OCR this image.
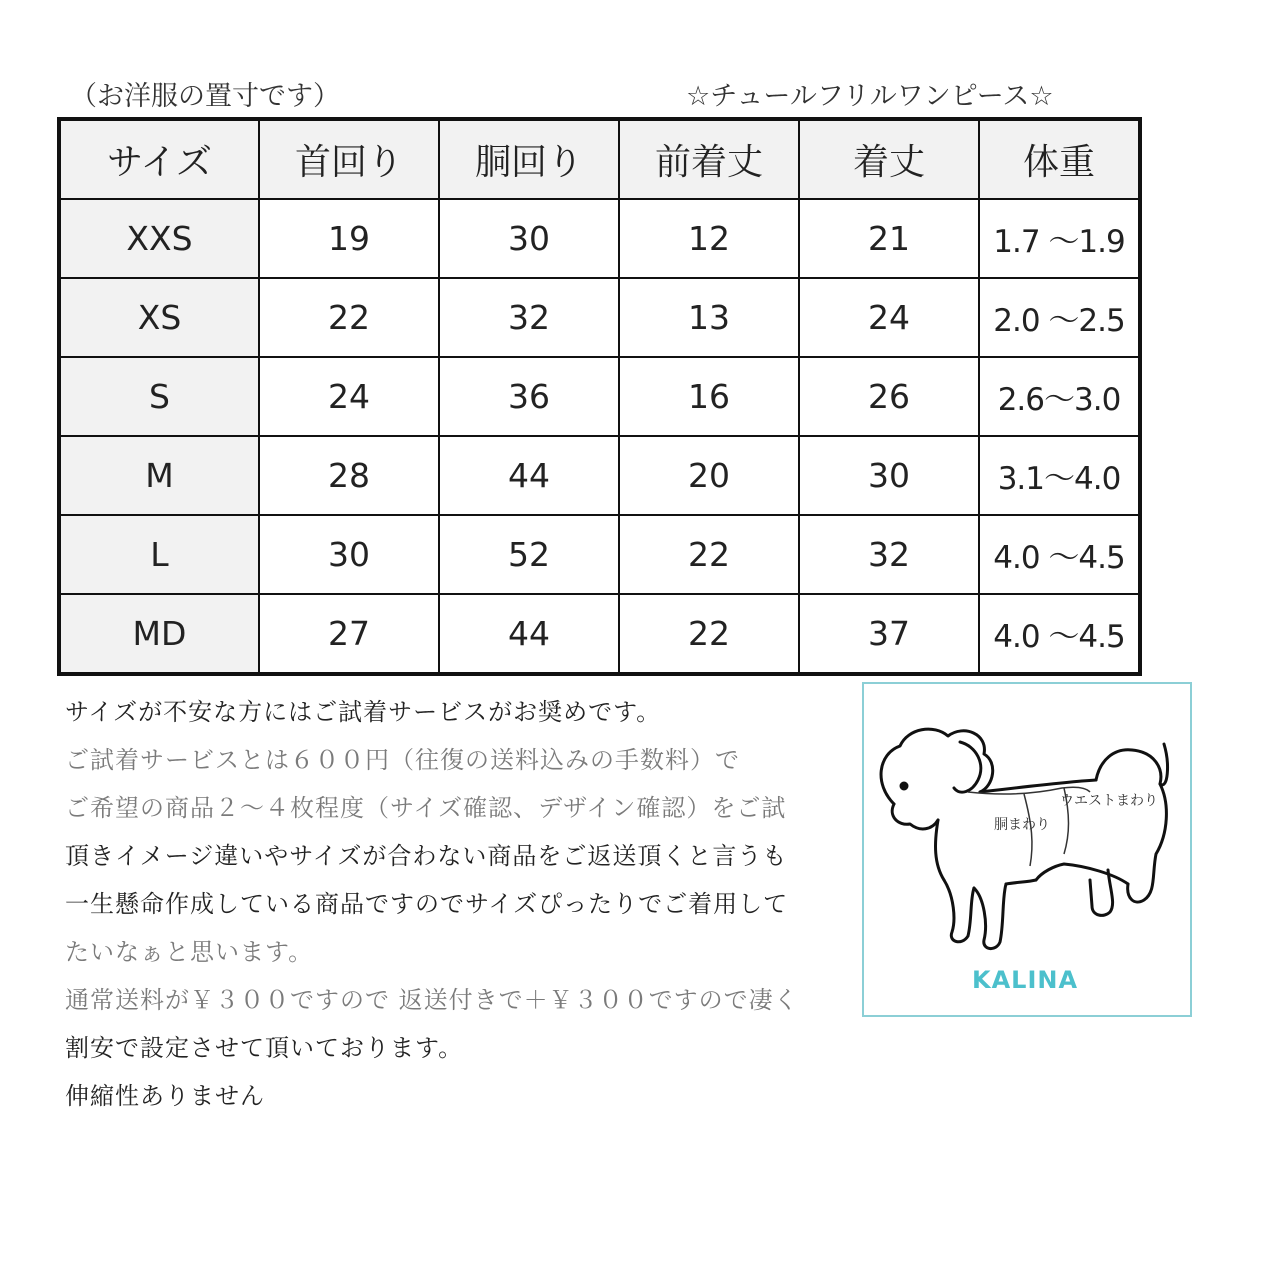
（お洋服の置寸です）	☆チュールフリルワンピース☆
サイズ	首回り	胴回り	前着丈	着丈	体重
XXS	19	30	12	21	1.7 ～1.9
XS	22	32	13	24	2.0 ～2.5
S	24	36	16	26	2.6～3.0
M	28	44	20	30	3.1～4.0
L	30	52	22	32	4.0 ～4.5
MD	27	44	22	37	4.0 ～4.5
サイズが不安な方にはご試着サービスがお奨めです。
ご試着サービスとは６００円（往復の送料込みの手数料）で
ご希望の商品２～４枚程度（サイズ確認、デザイン確認）をご試
頂きイメージ違いやサイズが合わない商品をご返送頂くと言うも
一生懸命作成している商品ですのでサイズぴったりでご着用して
たいなぁと思います。
通常送料が￥３００ですので 返送付きで＋￥３００ですので凄く
割安で設定させて頂いております。
伸縮性ありません
ウエストまわり
胴まわり
KALINA
